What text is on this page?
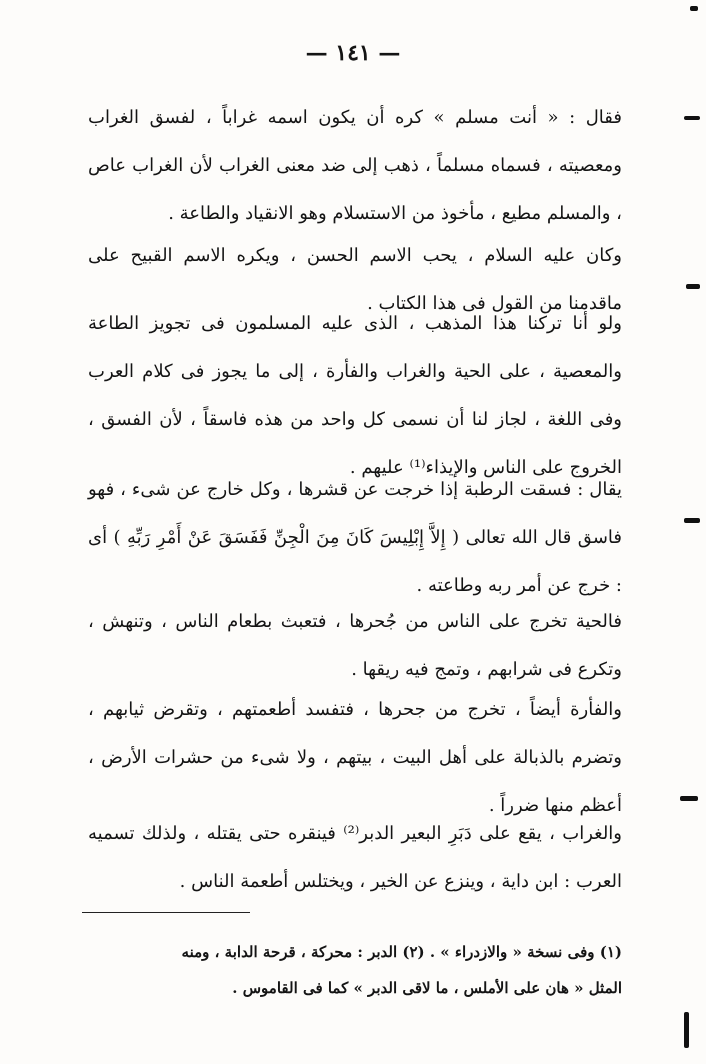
— ١٤١ —
فقال : « أنت مسلم » كره أن يكون اسمه غراباً ، لفسق الغراب ومعصيته ، فسماه مسلماً ، ذهب إلى ضد معنى الغراب لأن الغراب عاص ، والمسلم مطيع ، مأخوذ من الاستسلام وهو الانقياد والطاعة .
وكان عليه السلام ، يحب الاسم الحسن ، ويكره الاسم القبيح على ماقدمنا من القول فى هذا الكتاب .
ولو أنا تركنا هذا المذهب ، الذى عليه المسلمون فى تجويز الطاعة والمعصية ، على الحية والغراب والفأرة ، إلى ما يجوز فى كلام العرب وفى اللغة ، لجاز لنا أن نسمى كل واحد من هذه فاسقاً ، لأن الفسق ، الخروج على الناس والإيذاء⁽¹⁾ عليهم .
يقال : فسقت الرطبة إذا خرجت عن قشرها ، وكل خارج عن شىء ، فهو فاسق قال الله تعالى ( إِلاَّ إِبْلِيسَ كَانَ مِنَ الْجِنِّ فَفَسَقَ عَنْ أَمْرِ رَبِّهِ ) أى : خرج عن أمر ربه وطاعته .
فالحية تخرج على الناس من جُحرها ، فتعبث بطعام الناس ، وتنهش ، وتكرع فى شرابهم ، وتمج فيه ريقها .
والفأرة أيضاً ، تخرج من جحرها ، فتفسد أطعمتهم ، وتقرض ثيابهم ، وتضرم بالذبالة على أهل البيت ، بيتهم ، ولا شىء من حشرات الأرض ، أعظم منها ضرراً .
والغراب ، يقع على دَبَرِ البعير الدبر⁽²⁾ فينقره حتى يقتله ، ولذلك تسميه العرب : ابن داية ، وينزع عن الخير ، ويختلس أطعمة الناس .
(١) وفى نسخة « والازدراء » . (٢) الدبر : محركة ، قرحة الدابة ، ومنه
المثل « هان على الأملس ، ما لاقى الدبر » كما فى القاموس .
